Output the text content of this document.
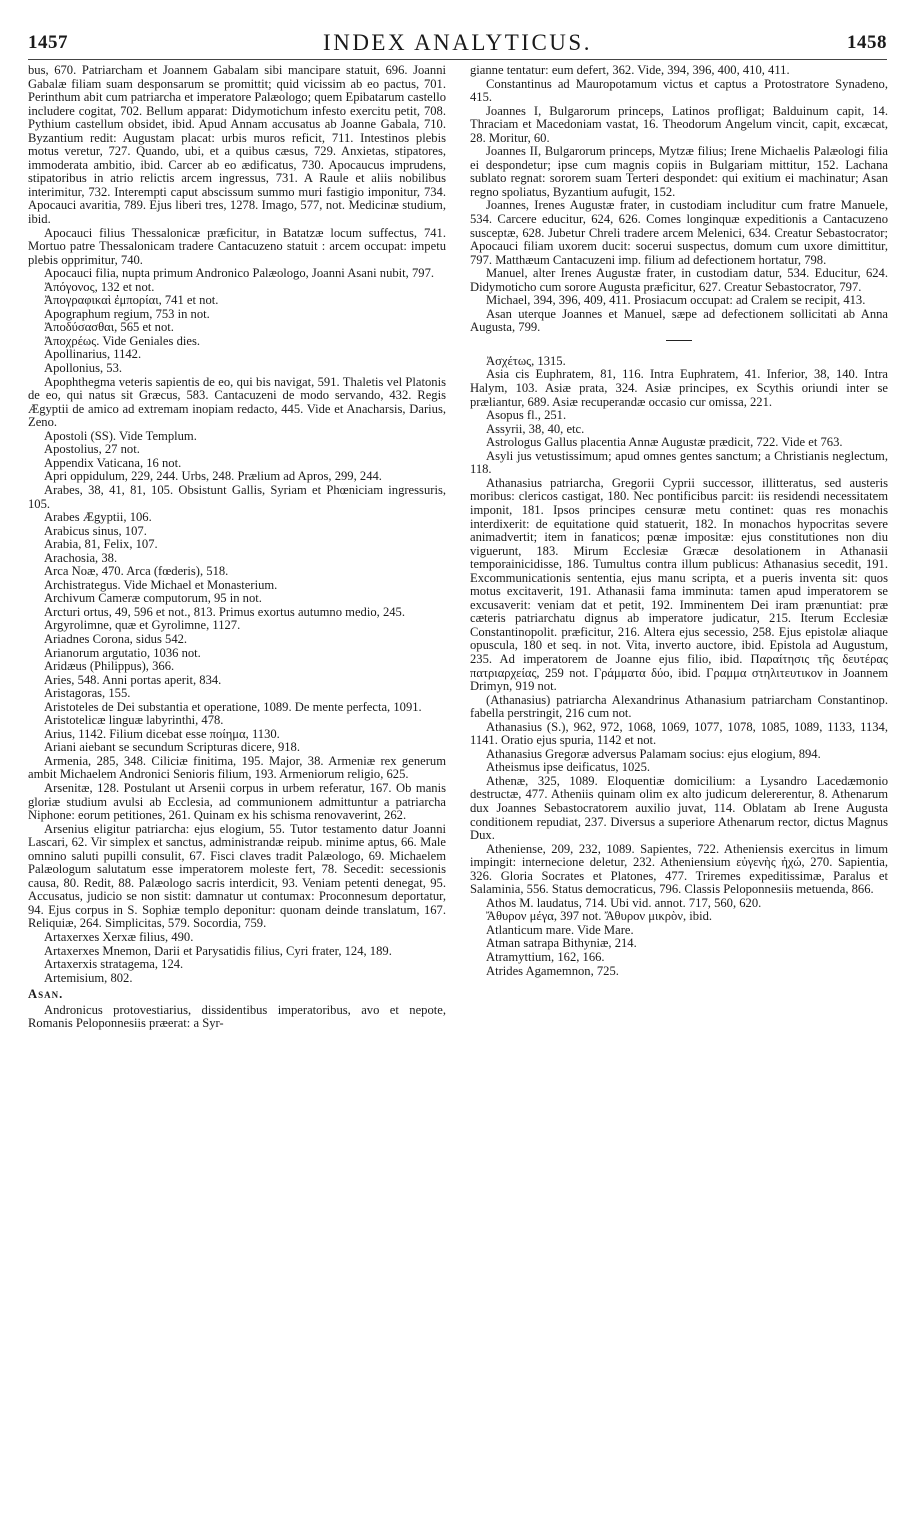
1457	INDEX ANALYTICUS.	1458

bus, 670. Patriarcham et Joannem Gabalam sibi mancipare statuit, 696. Joanni Gabalæ filiam suam desponsarum se promittit; quid vicissim ab eo pactus, 701. Perinthum abit cum patriarcha et imperatore Palæologo; quem Epibatarum castello includere cogitat, 702. Bellum apparat: Didymotichum infesto exercitu petit, 708. Pythium castellum obsidet, ibid. Apud Annam accusatus ab Joanne Gabala, 710. Byzantium redit: Augustam placat: urbis muros reficit, 711. Intestinos plebis motus veretur, 727. Quando, ubi, et a quibus cæsus, 729. Anxietas, stipatores, immoderata ambitio, ibid. Carcer ab eo ædificatus, 730. Apocaucus imprudens, stipatoribus in atrio relictis arcem ingressus, 731. A Raule et aliis nobilibus interimitur, 732. Interempti caput abscissum summo muri fastigio imponitur, 734. Apocauci avaritia, 789. Ejus liberi tres, 1278. Imago, 577, not. Medicinæ studium, ibid.

Apocauci filius Thessalonicæ præficitur, in Batatzæ locum suffectus, 741. Mortuo patre Thessalonicam tradere Cantacuzeno statuit : arcem occupat: impetu plebis opprimitur, 740.

Apocauci filia, nupta primum Andronico Palæologo, Joanni Asani nubit, 797.

Ἀπόγονος, 132 et not.

Ἀπογραφικαὶ ἐμπορίαι, 741 et not.

Apographum regium, 753 in not.

Ἀποδύσασθαι, 565 et not.

Ἀποχρέως. Vide Geniales dies.

Apollinarius, 1142.

Apollonius, 53.

Apophthegma veteris sapientis de eo, qui bis navigat, 591. Thaletis vel Platonis de eo, qui natus sit Græcus, 583. Cantacuzeni de modo servando, 432. Regis Ægyptii de amico ad extremam inopiam redacto, 445. Vide et Anacharsis, Darius, Zeno.

Apostoli (SS). Vide Templum.

Apostolius, 27 not.

Appendix Vaticana, 16 not.

Apri oppidulum, 229, 244. Urbs, 248. Prælium ad Apros, 299, 244.

Arabes, 38, 41, 81, 105. Obsistunt Gallis, Syriam et Phœniciam ingressuris, 105.

Arabes Ægyptii, 106.

Arabicus sinus, 107.

Arabia, 81, Felix, 107.

Arachosia, 38.

Arca Noæ, 470. Arca (fœderis), 518.

Archistrategus. Vide Michael et Monasterium.

Archivum Cameræ computorum, 95 in not.

Arcturi ortus, 49, 596 et not., 813. Primus exortus autumno medio, 245.

Argyrolimne, quæ et Gyrolimne, 1127.

Ariadnes Corona, sidus 542.

Arianorum argutatio, 1036 not.

Aridæus (Philippus), 366.

Aries, 548. Anni portas aperit, 834.

Aristagoras, 155.

Aristoteles de Dei substantia et operatione, 1089. De mente perfecta, 1091.

Aristotelicæ linguæ labyrinthi, 478.

Arius, 1142. Filium dicebat esse ποίημα, 1130.

Ariani aiebant se secundum Scripturas dicere, 918.

Armenia, 285, 348. Ciliciæ finitima, 195. Major, 38. Armeniæ rex generum ambit Michaelem Andronici Senioris filium, 193. Armeniorum religio, 625.

Arsenitæ, 128. Postulant ut Arsenii corpus in urbem referatur, 167. Ob manis gloriæ studium avulsi ab Ecclesia, ad communionem admittuntur a patriarcha Niphone: eorum petitiones, 261. Quinam ex his schisma renovaverint, 262.

Arsenius eligitur patriarcha: ejus elogium, 55. Tutor testamento datur Joanni Lascari, 62. Vir simplex et sanctus, administrandæ reipub. minime aptus, 66. Male omnino saluti pupilli consulit, 67. Fisci claves tradit Palæologo, 69. Michaelem Palæologum salutatum esse imperatorem moleste fert, 78. Secedit: secessionis causa, 80. Redit, 88. Palæologo sacris interdicit, 93. Veniam petenti denegat, 95. Accusatus, judicio se non sistit: damnatur ut contumax: Proconnesum deportatur, 94. Ejus corpus in S. Sophiæ templo deponitur: quonam deinde translatum, 167. Reliquiæ, 264. Simplicitas, 579. Socordia, 759.

Artaxerxes Xerxæ filius, 490.

Artaxerxes Mnemon, Darii et Parysatidis filius, Cyri frater, 124, 189.

Artaxerxis stratagema, 124.

Artemisium, 802.

Asan.

Andronicus protovestiarius, dissidentibus imperatoribus, avo et nepote, Romanis Peloponnesiis præerat: a Syr-

gianne tentatur: eum defert, 362. Vide, 394, 396, 400, 410, 411.

Constantinus ad Mauropotamum victus et captus a Protostratore Synadeno, 415.

Joannes I, Bulgarorum princeps, Latinos profligat; Balduinum capit, 14. Thraciam et Macedoniam vastat, 16. Theodorum Angelum vincit, capit, excæcat, 28. Moritur, 60.

Joannes II, Bulgarorum princeps, Mytzæ filius; Irene Michaelis Palæologi filia ei despondetur; ipse cum magnis copiis in Bulgariam mittitur, 152. Lachana sublato regnat: sororem suam Terteri despondet: qui exitium ei machinatur; Asan regno spoliatus, Byzantium aufugit, 152.

Joannes, Irenes Augustæ frater, in custodiam includitur cum fratre Manuele, 534. Carcere educitur, 624, 626. Comes longinquæ expeditionis a Cantacuzeno susceptæ, 628. Jubetur Chreli tradere arcem Melenici, 634. Creatur Sebastocrator; Apocauci filiam uxorem ducit: socerui suspectus, domum cum uxore dimittitur, 797. Matthæum Cantacuzeni imp. filium ad defectionem hortatur, 798.

Manuel, alter Irenes Augustæ frater, in custodiam datur, 534. Educitur, 624. Didymoticho cum sorore Augusta præficitur, 627. Creatur Sebastocrator, 797.

Michael, 394, 396, 409, 411. Prosiacum occupat: ad Cralem se recipit, 413.

Asan uterque Joannes et Manuel, sæpe ad defectionem sollicitati ab Anna Augusta, 799.

Ἀσχέτως, 1315.

Asia cis Euphratem, 81, 116. Intra Euphratem, 41. Inferior, 38, 140. Intra Halym, 103. Asiæ prata, 324. Asiæ principes, ex Scythis oriundi inter se præliantur, 689. Asiæ recuperandæ occasio cur omissa, 221.

Asopus fl., 251.

Assyrii, 38, 40, etc.

Astrologus Gallus placentia Annæ Augustæ prædicit, 722. Vide et 763.

Asyli jus vetustissimum; apud omnes gentes sanctum; a Christianis neglectum, 118.

Athanasius patriarcha, Gregorii Cyprii successor, illitteratus, sed austeris moribus: clericos castigat, 180. Nec pontificibus parcit: iis residendi necessitatem imponit, 181. Ipsos principes censuræ metu continet: quas res monachis interdixerit: de equitatione quid statuerit, 182. In monachos hypocritas severe animadvertit; item in fanaticos; pœnæ impositæ: ejus constitutiones non diu viguerunt, 183. Mirum Ecclesiæ Græcæ desolationem in Athanasii temporainicidisse, 186. Tumultus contra illum publicus: Athanasius secedit, 191. Excommunicationis sententia, ejus manu scripta, et a pueris inventa sit: quos motus excitaverit, 191. Athanasii fama imminuta: tamen apud imperatorem se excusaverit: veniam dat et petit, 192. Imminentem Dei iram prænuntiat: præ cæteris patriarchatu dignus ab imperatore judicatur, 215. Iterum Ecclesiæ Constantinopolit. præficitur, 216. Altera ejus secessio, 258. Ejus epistolæ aliaque opuscula, 180 et seq. in not. Vita, inverto auctore, ibid. Epistola ad Augustum, 235. Ad imperatorem de Joanne ejus filio, ibid. Παραίτησις τῆς δευτέρας πατριαρχείας, 259 not. Γράμματα δύο, ibid. Γραμμα στηλιτευτικον in Joannem Drimyn, 919 not.

(Athanasius) patriarcha Alexandrinus Athanasium patriarcham Constantinop. fabella perstringit, 216 cum not.

Athanasius (S.), 962, 972, 1068, 1069, 1077, 1078, 1085, 1089, 1133, 1134, 1141. Oratio ejus spuria, 1142 et not.

Athanasius Gregoræ adversus Palamam socius: ejus elogium, 894.

Atheismus ipse deificatus, 1025.

Athenæ, 325, 1089. Eloquentiæ domicilium: a Lysandro Lacedæmonio destructæ, 477. Atheniis quinam olim ex alto judicum delererentur, 8. Athenarum dux Joannes Sebastocratorem auxilio juvat, 114. Oblatam ab Irene Augusta conditionem repudiat, 237. Diversus a superiore Athenarum rector, dictus Magnus Dux.

Atheniense, 209, 232, 1089. Sapientes, 722. Atheniensis exercitus in limum impingit: internecione deletur, 232. Atheniensium εὐγενὴς ἠχώ, 270. Sapientia, 326. Gloria Socrates et Platones, 477. Triremes expeditissimæ, Paralus et Salaminia, 556. Status democraticus, 796. Classis Peloponnesiis metuenda, 866.

Athos M. laudatus, 714. Ubi vid. annot. 717, 560, 620.

Ἄθυρον μέγα, 397 not. Ἄθυρον μικρὸν, ibid.

Atlanticum mare. Vide Mare.

Atman satrapa Bithyniæ, 214.

Atramyttium, 162, 166.

Atrides Agamemnon, 725.
